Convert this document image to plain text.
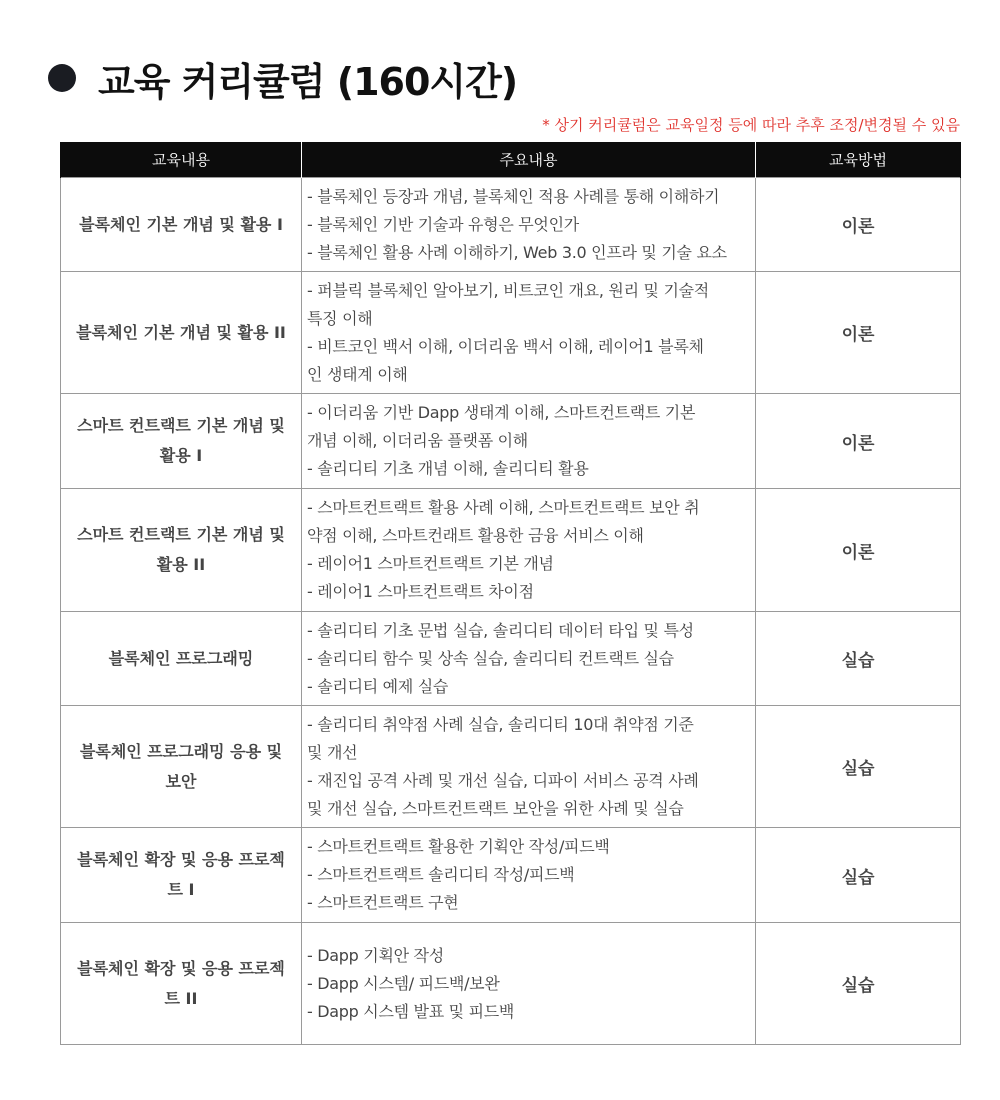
교육 커리큘럼 (160시간)
* 상기 커리큘럼은 교육일정 등에 따라 추후 조정/변경될 수 있음
교육내용	주요내용	교육방법
블록체인 기본 개념 및 활용 I	- 블록체인 등장과 개념, 블록체인 적용 사례를 통해 이해하기
- 블록체인 기반 기술과 유형은 무엇인가
- 블록체인 활용 사례 이해하기, Web 3.0 인프라 및 기술 요소	이론
블록체인 기본 개념 및 활용 II	- 퍼블릭 블록체인 알아보기, 비트코인 개요, 원리 및 기술적
특징 이해
- 비트코인 백서 이해, 이더리움 백서 이해, 레이어1 블록체
인 생태계 이해	이론
스마트 컨트랙트 기본 개념 및
활용 I	- 이더리움 기반 Dapp 생태계 이해, 스마트컨트랙트 기본
개념 이해, 이더리움 플랫폼 이해
- 솔리디티 기초 개념 이해, 솔리디티 활용	이론
스마트 컨트랙트 기본 개념 및
활용 II	- 스마트컨트랙트 활용 사례 이해, 스마트컨트랙트 보안 취
약점 이해, 스마트컨래트 활용한 금융 서비스 이해
- 레이어1 스마트컨트랙트 기본 개념
- 레이어1 스마트컨트랙트 차이점	이론
블록체인 프로그래밍	- 솔리디티 기초 문법 실습, 솔리디티 데이터 타입 및 특성
- 솔리디티 함수 및 상속 실습, 솔리디티 컨트랙트 실습
- 솔리디티 예제 실습	실습
블록체인 프로그래밍 응용 및
보안	- 솔리디티 취약점 사례 실습, 솔리디티 10대 취약점 기준
및 개선
- 재진입 공격 사례 및 개선 실습, 디파이 서비스 공격 사례
및 개선 실습, 스마트컨트랙트 보안을 위한 사례 및 실습	실습
블록체인 확장 및 응용 프로젝
트 I	- 스마트컨트랙트 활용한 기획안 작성/피드백
- 스마트컨트랙트 솔리디티 작성/피드백
- 스마트컨트랙트 구현	실습
블록체인 확장 및 응용 프로젝
트 II	- Dapp 기획안 작성
- Dapp 시스템/ 피드백/보완
- Dapp 시스템 발표 및 피드백	실습
